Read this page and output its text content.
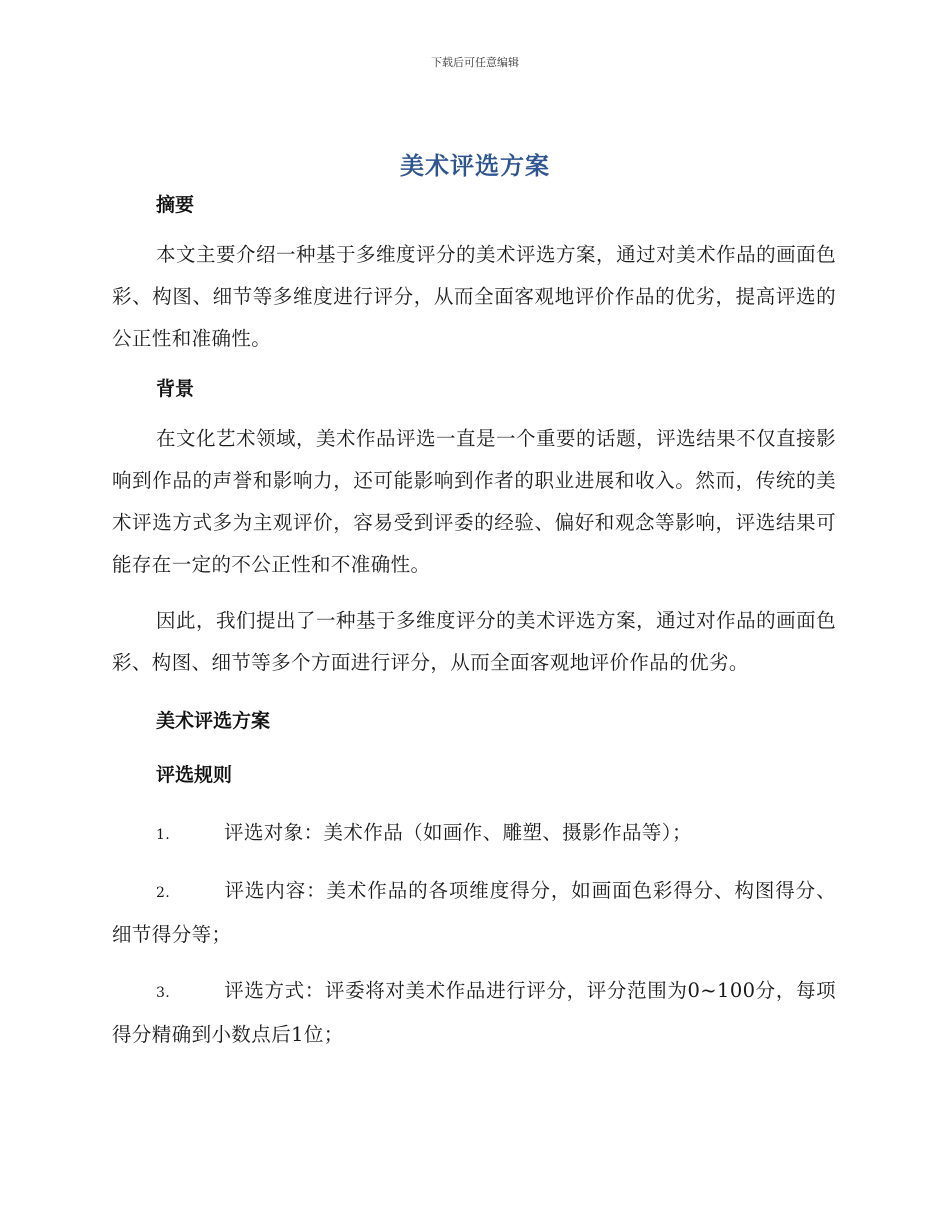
下载后可任意编辑
美术评选方案

摘要

本文主要介绍一种基于多维度评分的美术评选方案，通过对美术作品的画面色彩、构图、细节等多维度进行评分，从而全面客观地评价作品的优劣，提高评选的公正性和准确性。

背景

在文化艺术领域，美术作品评选一直是一个重要的话题，评选结果不仅直接影响到作品的声誉和影响力，还可能影响到作者的职业进展和收入。然而，传统的美术评选方式多为主观评价，容易受到评委的经验、偏好和观念等影响，评选结果可能存在一定的不公正性和不准确性。

因此，我们提出了一种基于多维度评分的美术评选方案，通过对作品的画面色彩、构图、细节等多个方面进行评分，从而全面客观地评价作品的优劣。

美术评选方案

评选规则

1.	评选对象：美术作品（如画作、雕塑、摄影作品等）；

2.	评选内容：美术作品的各项维度得分，如画面色彩得分、构图得分、细节得分等；

3.	评选方式：评委将对美术作品进行评分，评分范围为0~100分，每项得分精确到小数点后1位；
